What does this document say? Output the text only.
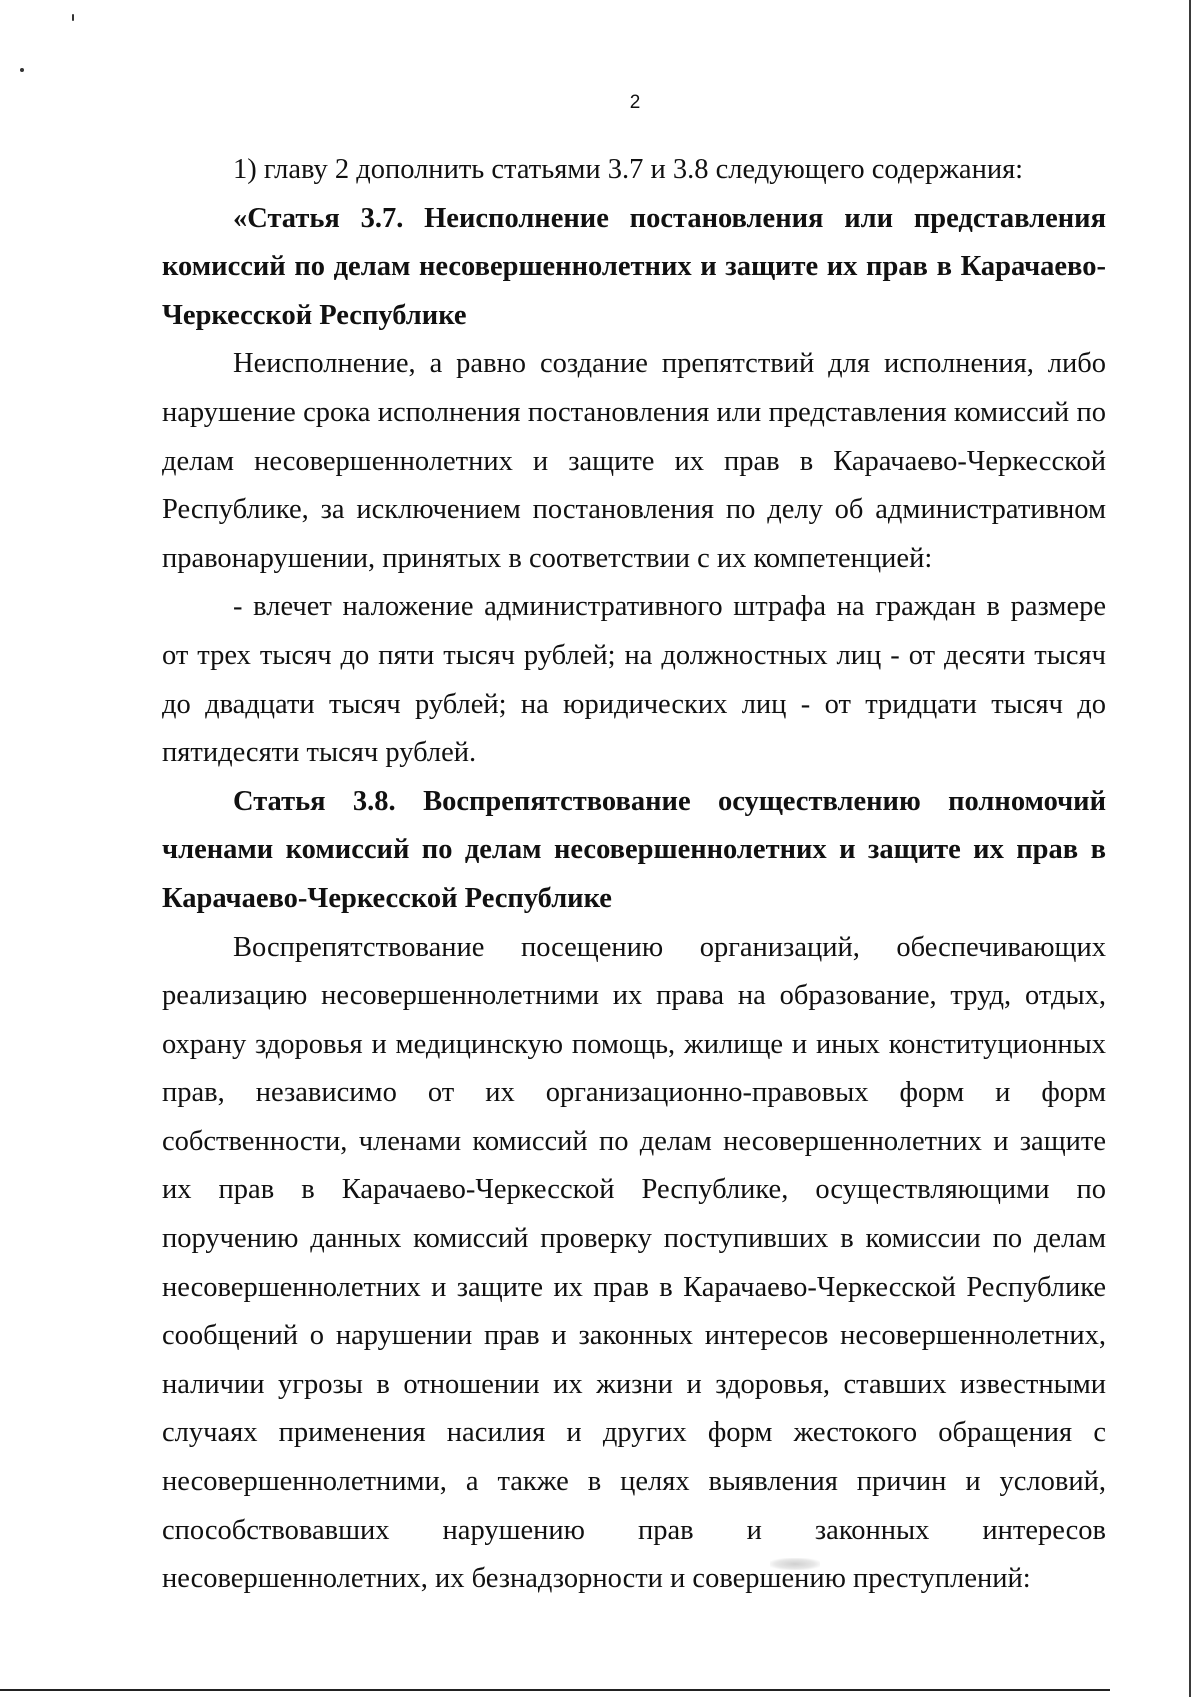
2

1) главу 2 дополнить статьями 3.7 и 3.8 следующего содержания:

«Статья 3.7. Неисполнение постановления или представления комиссий по делам несовершеннолетних и защите их прав в Карачаево-Черкесской Республике

Неисполнение, а равно создание препятствий для исполнения, либо нарушение срока исполнения постановления или представления комиссий по делам несовершеннолетних и защите их прав в Карачаево-Черкесской Республике, за исключением постановления по делу об административном правонарушении, принятых в соответствии с их компетенцией:

- влечет наложение административного штрафа на граждан в размере от трех тысяч до пяти тысяч рублей; на должностных лиц - от десяти тысяч до двадцати тысяч рублей; на юридических лиц - от тридцати тысяч до пятидесяти тысяч рублей.

Статья 3.8. Воспрепятствование осуществлению полномочий членами комиссий по делам несовершеннолетних и защите их прав в Карачаево-Черкесской Республике

Воспрепятствование посещению организаций, обеспечивающих реализацию несовершеннолетними их права на образование, труд, отдых, охрану здоровья и медицинскую помощь, жилище и иных конституционных прав, независимо от их организационно-правовых форм и форм собственности, членами комиссий по делам несовершеннолетних и защите их прав в Карачаево-Черкесской Республике, осуществляющими по поручению данных комиссий проверку поступивших в комиссии по делам несовершеннолетних и защите их прав в Карачаево-Черкесской Республике сообщений о нарушении прав и законных интересов несовершеннолетних, наличии угрозы в отношении их жизни и здоровья, ставших известными случаях применения насилия и других форм жестокого обращения с несовершеннолетними, а также в целях выявления причин и условий, способствовавших нарушению прав и законных интересов несовершеннолетних, их безнадзорности и совершению преступлений:
